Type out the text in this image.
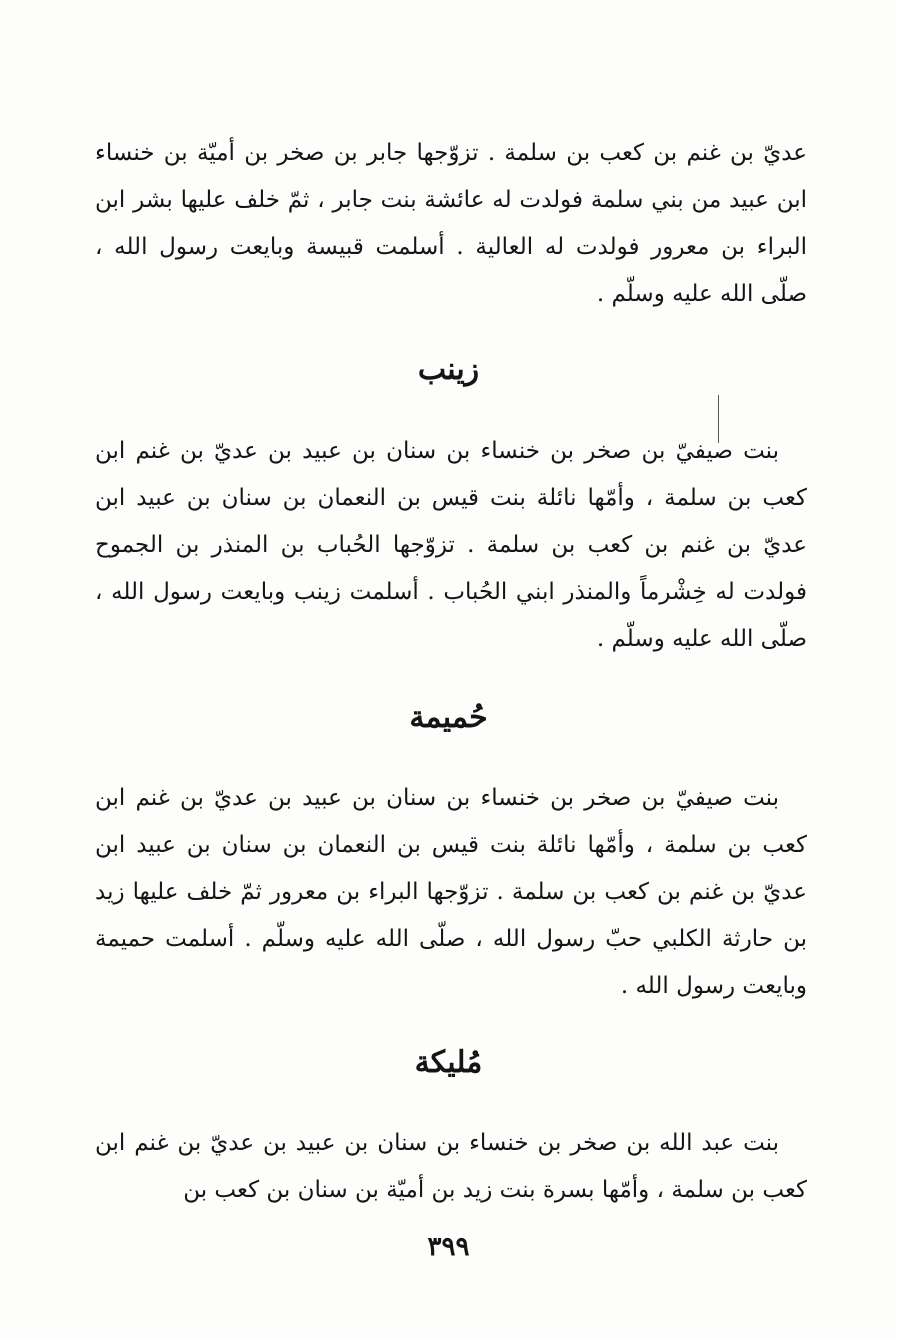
عديّ بن غنم بن كعب بن سلمة . تزوّجها جابر بن صخر بن أميّة بن خنساء ابن عبيد من بني سلمة فولدت له عائشة بنت جابر ، ثمّ خلف عليها بشر ابن البراء بن معرور فولدت له العالية . أسلمت قبيسة وبايعت رسول الله ، صلّى الله عليه وسلّم .

زينب

بنت صيفيّ بن صخر بن خنساء بن سنان بن عبيد بن عديّ بن غنم ابن كعب بن سلمة ، وأمّها نائلة بنت قيس بن النعمان بن سنان بن عبيد ابن عديّ بن غنم بن كعب بن سلمة . تزوّجها الحُباب بن المنذر بن الجموح فولدت له خِشْرماً والمنذر ابني الحُباب . أسلمت زينب وبايعت رسول الله ، صلّى الله عليه وسلّم .

حُميمة

بنت صيفيّ بن صخر بن خنساء بن سنان بن عبيد بن عديّ بن غنم ابن كعب بن سلمة ، وأمّها نائلة بنت قيس بن النعمان بن سنان بن عبيد ابن عديّ بن غنم بن كعب بن سلمة . تزوّجها البراء بن معرور ثمّ خلف عليها زيد بن حارثة الكلبي حبّ رسول الله ، صلّى الله عليه وسلّم . أسلمت حميمة وبايعت رسول الله .

مُليكة

بنت عبد الله بن صخر بن خنساء بن سنان بن عبيد بن عديّ بن غنم ابن كعب بن سلمة ، وأمّها بسرة بنت زيد بن أميّة بن سنان بن كعب بن

٣٩٩
